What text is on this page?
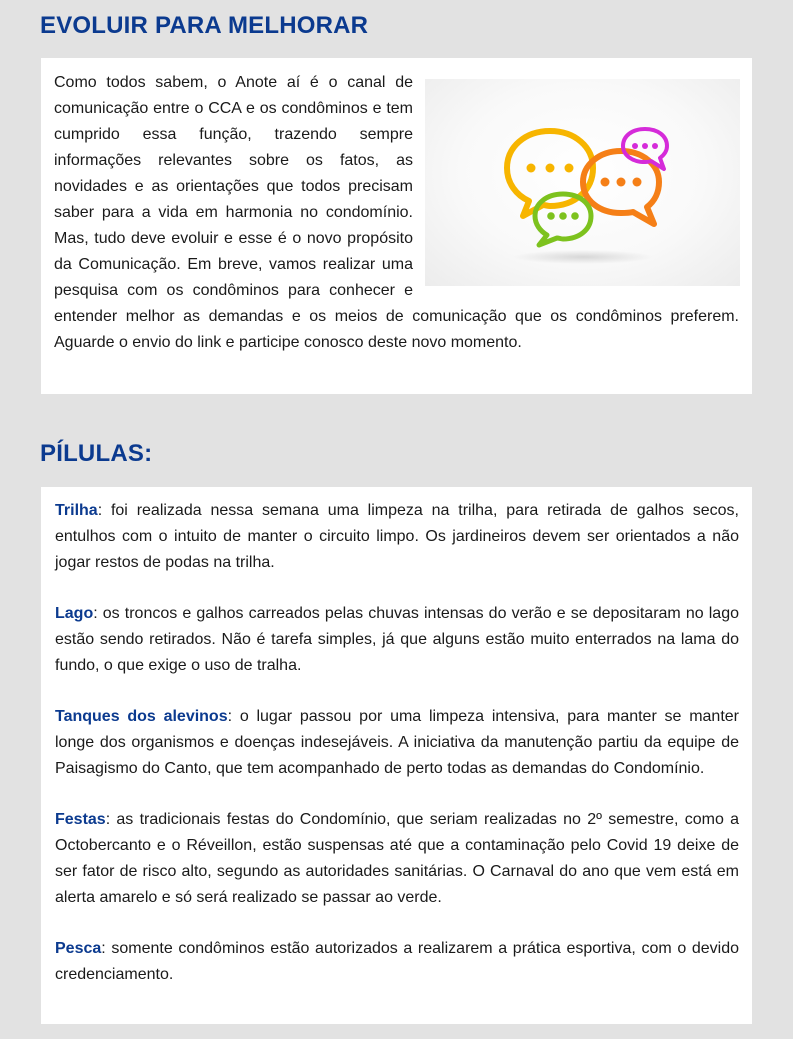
EVOLUIR PARA MELHORAR

Como todos sabem, o Anote aí é o canal de comunicação entre o CCA e os condôminos e tem cumprido essa função, trazendo sempre informações relevantes sobre os fatos, as novidades e as orientações que todos precisam saber para a vida em harmonia no condomínio. Mas, tudo deve evoluir e esse é o novo propósito da Comunicação. Em breve, vamos realizar uma pesquisa com os condôminos para conhecer e entender melhor as demandas e os meios de comunicação que os condôminos preferem. Aguarde o envio do link e participe conosco deste novo momento.

PÍLULAS:

Trilha: foi realizada nessa semana uma limpeza na trilha, para retirada de galhos secos, entulhos com o intuito de manter o circuito limpo. Os jardineiros devem ser orientados a não jogar restos de podas na trilha.

Lago: os troncos e galhos carreados pelas chuvas intensas do verão e se depositaram no lago estão sendo retirados. Não é tarefa simples, já que alguns estão muito enterrados na lama do fundo, o que exige o uso de tralha.

Tanques dos alevinos: o lugar passou por uma limpeza intensiva, para manter se manter longe dos organismos e doenças indesejáveis. A iniciativa da manutenção partiu da equipe de Paisagismo do Canto, que tem acompanhado de perto todas as demandas do Condomínio.

Festas: as tradicionais festas do Condomínio, que seriam realizadas no 2º semestre, como a Octobercanto e o Réveillon, estão suspensas até que a contaminação pelo Covid 19 deixe de ser fator de risco alto, segundo as autoridades sanitárias. O Carnaval do ano que vem está em alerta amarelo e só será realizado se passar ao verde.

Pesca: somente condôminos estão autorizados a realizarem a prática esportiva, com o devido credenciamento.
